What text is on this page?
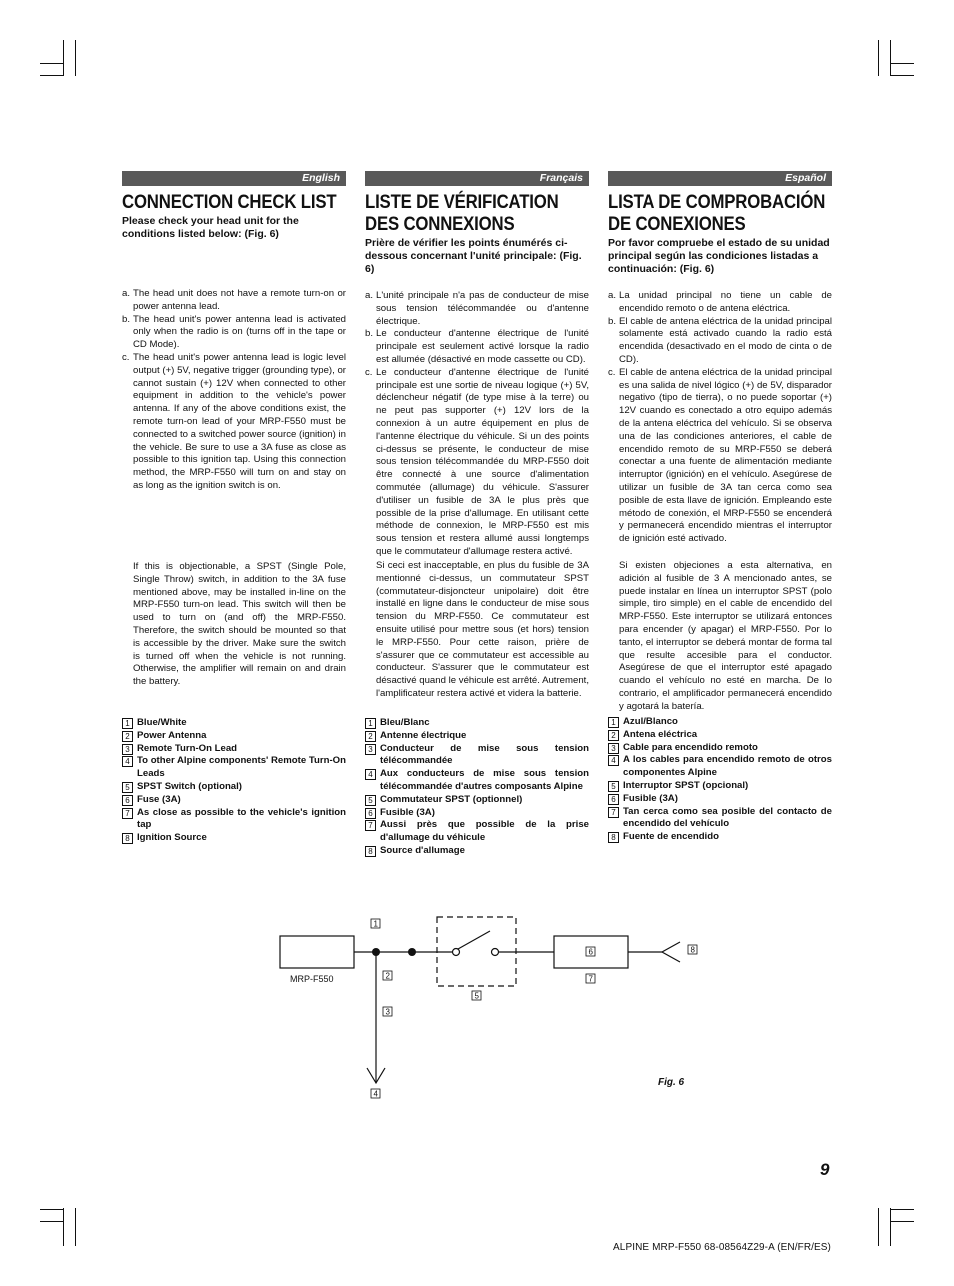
English
CONNECTION CHECK LIST
Please check your head unit for the conditions listed below: (Fig. 6)
a. The head unit does not have a remote turn-on or power antenna lead.
b. The head unit's power antenna lead is activated only when the radio is on (turns off in the tape or CD Mode).
c. The head unit's power antenna lead is logic level output (+) 5V, negative trigger (grounding type), or cannot sustain (+) 12V when connected to other equipment in addition to the vehicle's power antenna. If any of the above conditions exist, the remote turn-on lead of your MRP-F550 must be connected to a switched power source (ignition) in the vehicle. Be sure to use a 3A fuse as close as possible to this ignition tap. Using this connection method, the MRP-F550 will turn on and stay on as long as the ignition switch is on.
If this is objectionable, a SPST (Single Pole, Single Throw) switch, in addition to the 3A fuse mentioned above, may be installed in-line on the MRP-F550 turn-on lead. This switch will then be used to turn on (and off) the MRP-F550. Therefore, the switch should be mounted so that is accessible by the driver. Make sure the switch is turned off when the vehicle is not running. Otherwise, the amplifier will remain on and drain the battery.
1 Blue/White
2 Power Antenna
3 Remote Turn-On Lead
4 To other Alpine components' Remote Turn-On Leads
5 SPST Switch (optional)
6 Fuse (3A)
7 As close as possible to the vehicle's ignition tap
8 Ignition Source
Français
LISTE DE VÉRIFICATION DES CONNEXIONS
Prière de vérifier les points énumérés ci-dessous concernant l'unité principale: (Fig. 6)
a. L'unité principale n'a pas de conducteur de mise sous tension télécommandée ou d'antenne électrique.
b. Le conducteur d'antenne électrique de l'unité principale est seulement activé lorsque la radio est allumée (désactivé en mode cassette ou CD).
c. Le conducteur d'antenne électrique de l'unité principale est une sortie de niveau logique (+) 5V, déclencheur négatif (de type mise à la terre) ou ne peut pas supporter (+) 12V lors de la connexion à un autre équipement en plus de l'antenne électrique du véhicule. Si un des points ci-dessus se présente, le conducteur de mise sous tension télécommandée du MRP-F550 doit être connecté à une source d'alimentation commutée (allumage) du véhicule. S'assurer d'utiliser un fusible de 3A le plus près que possible de la prise d'allumage. En utilisant cette méthode de connexion, le MRP-F550 est mis sous tension et restera allumé aussi longtemps que le commutateur d'allumage restera activé.
Si ceci est inacceptable, en plus du fusible de 3A mentionné ci-dessus, un commutateur SPST (commutateur-disjoncteur unipolaire) doit être installé en ligne dans le conducteur de mise sous tension du MRP-F550. Ce commutateur est ensuite utilisé pour mettre sous (et hors) tension le MRP-F550. Pour cette raison, prière de s'assurer que ce commutateur est accessible au conducteur. S'assurer que le commutateur est désactivé quand le véhicule est arrêté. Autrement, l'amplificateur restera activé et videra la batterie.
1 Bleu/Blanc
2 Antenne électrique
3 Conducteur de mise sous tension télécommandée
4 Aux conducteurs de mise sous tension télécommandée d'autres composants Alpine
5 Commutateur SPST (optionnel)
6 Fusible (3A)
7 Aussi près que possible de la prise d'allumage du véhicule
8 Source d'allumage
Español
LISTA DE COMPROBACIÓN DE CONEXIONES
Por favor compruebe el estado de su unidad principal según las condiciones listadas a continuación: (Fig. 6)
a. La unidad principal no tiene un cable de encendido remoto o de antena eléctrica.
b. El cable de antena eléctrica de la unidad principal solamente está activado cuando la radio está encendida (desactivado en el modo de cinta o de CD).
c. El cable de antena eléctrica de la unidad principal es una salida de nivel lógico (+) de 5V, disparador negativo (tipo de tierra), o no puede soportar (+) 12V cuando es conectado a otro equipo además de la antena eléctrica del vehículo. Si se observa una de las condiciones anteriores, el cable de encendido remoto de su MRP-F550 se deberá conectar a una fuente de alimentación mediante interruptor (ignición) en el vehículo. Asegúrese de utilizar un fusible de 3A tan cerca como sea posible de esta llave de ignición. Empleando este método de conexión, el MRP-F550 se encenderá y permanecerá encendido mientras el interruptor de ignición esté activado.
Si existen objeciones a esta alternativa, en adición al fusible de 3 A mencionado antes, se puede instalar en línea un interruptor SPST (polo simple, tiro simple) en el cable de encendido del MRP-F550. Este interruptor se utilizará entonces para encender (y apagar) el MRP-F550. Por lo tanto, el interruptor se deberá montar de forma tal que resulte accesible para el conductor. Asegúrese de que el interruptor esté apagado cuando el vehículo no esté en marcha. De lo contrario, el amplificador permanecerá encendido y agotará la batería.
1 Azul/Blanco
2 Antena eléctrica
3 Cable para encendido remoto
4 A los cables para encendido remoto de otros componentes Alpine
5 Interruptor SPST (opcional)
6 Fusible (3A)
7 Tan cerca como sea posible del contacto de encendido del vehículo
8 Fuente de encendido
MRP-F550
1
2
3
4
5
6
7
8
Fig. 6
9
ALPINE MRP-F550 68-08564Z29-A (EN/FR/ES)
